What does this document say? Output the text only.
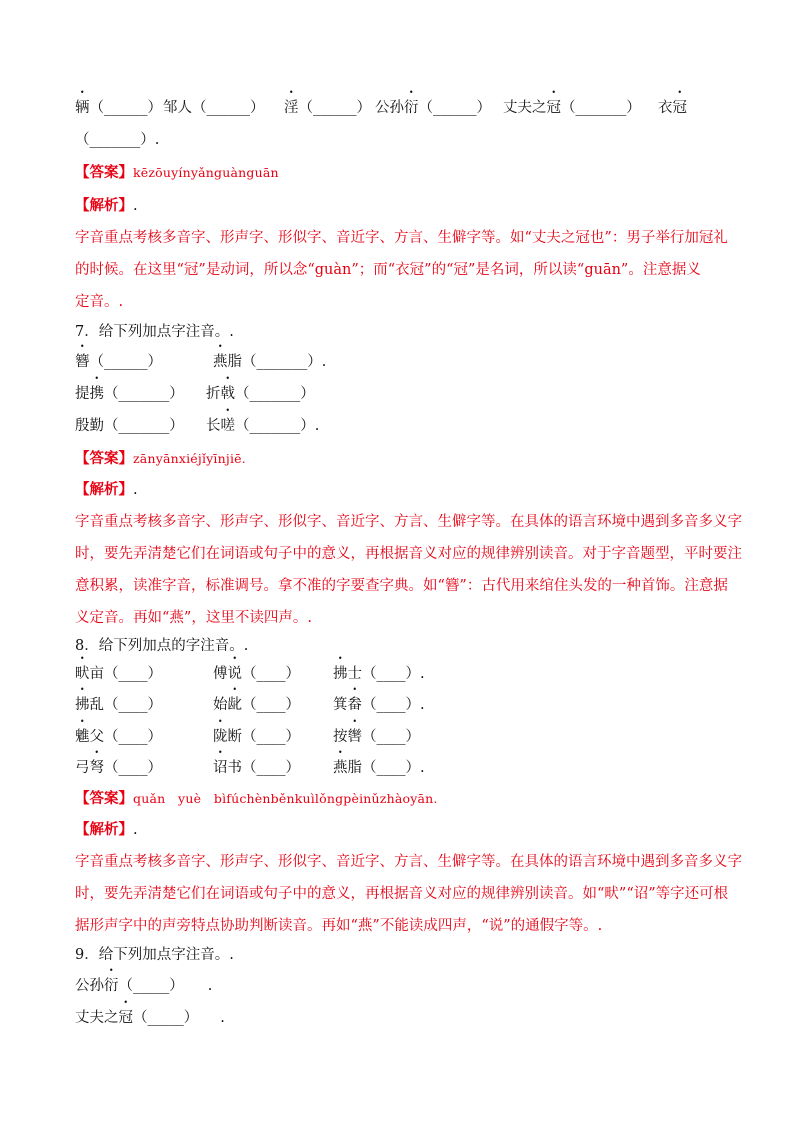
辆（______） 邹人（______） 淫（______） 公孙衍（______） 丈夫之冠（_______） 衣冠
（_______）.
【答案】kēzōuyínyǎnguànguān
【解析】.
字音重点考核多音字、形声字、形似字、音近字、方言、生僻字等。如“丈夫之冠也”：男子举行加冠礼
的时候。在这里“冠”是动词，所以念“guàn”；而“衣冠”的“冠”是名词，所以读“guān”。注意据义
定音。.
7．给下列加点字注音。.
簪（______）	燕脂（_______）.
提携（_______） 折戟（_______）
殷勤（_______） 长嗟（_______）.
【答案】zānyānxiéjǐyīnjiē.
【解析】.
字音重点考核多音字、形声字、形似字、音近字、方言、生僻字等。在具体的语言环境中遇到多音多义字
时，要先弄清楚它们在词语或句子中的意义，再根据音义对应的规律辨别读音。对于字音题型，平时要注
意积累，读准字音，标准调号。拿不准的字要查字典。如“簪”：古代用来绾住头发的一种首饰。注意据
义定音。再如“燕”，这里不读四声。.
8．给下列加点的字注音。.
畎亩（____）	傅说（____） 拂士（____）.
拂乱（____）	始龀（____） 箕畚（____）.
魋父（____）	陇断（____） 按辔（____）
弓弩（____）	诏书（____） 燕脂（____）.
【答案】quǎn　yuè　bìfúchènběnkuìlǒngpèinǔzhàoyān.
【解析】.
字音重点考核多音字、形声字、形似字、音近字、方言、生僻字等。在具体的语言环境中遇到多音多义字
时，要先弄清楚它们在词语或句子中的意义，再根据音义对应的规律辨别读音。如“畎”“诏”等字还可根
据形声字中的声旁特点协助判断读音。再如“燕”不能读成四声，“说”的通假字等。.
9．给下列加点字注音。.
公孙衍（_____） .
丈夫之冠（_____） .
